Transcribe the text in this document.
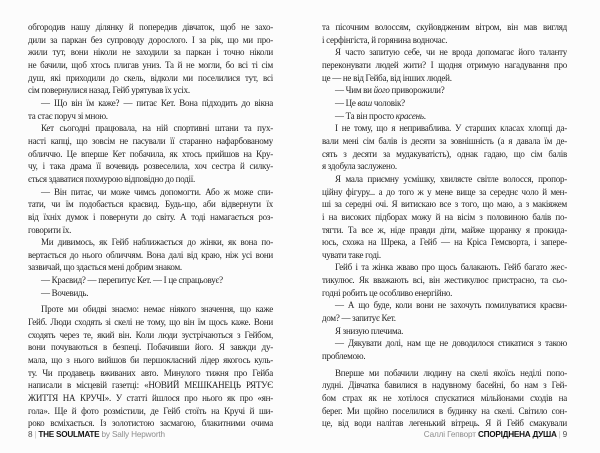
обгородив нашу ділянку й попередив дівчаток, щоб не захо-
дили за паркан без супроводу дорослого. І за рік, що ми про-
жили тут, вони ніколи не заходили за паркан і точно ніколи
не бачили, щоб хтось плигав униз. Та й не могли, бо всі ті сім
душ, які приходили до скель, відколи ми поселилися тут, всі
сім повернулися назад. Гейб урятував їх усіх.
— Що він їм каже? — питає Кет. Вона підходить до вікна
та стає поруч зі мною.
Кет сьогодні працювала, на ній спортивні штани та пух-
насті капці, що зовсім не пасували її старанно нафарбованому
обличчю. Це вперше Кет побачила, як хтось прийшов на Кру-
чу, і така драма її вочевидь розвеселила, хоч сестра й силку-
ється здаватися похмурою відповідно до події.
— Він питає, чи може чимсь допомогти. Або ж може спи-
тати, чи їм подобається краєвид. Будь-що, аби відвернути їх
від їхніх думок і повернути до світу. А тоді намагається роз-
говорити їх.
Ми дивимось, як Гейб наближається до жінки, як вона по-
вертається до нього обличчям. Вона далі від краю, ніж усі вони
зазвичай, що здається мені добрим знаком.
— Краєвид? — перепитує Кет. — І це спрацьовує?
— Вочевидь.
Проте ми обидві знаємо: немає ніякого значення, що каже
Гейб. Люди сходять зі скелі не тому, що він їм щось каже. Вони
сходять через те, який він. Коли люди зустрічаються з Гейбом,
вони почуваються в безпеці. Побачивши його. Я завжди ду-
мала, що з нього вийшов би першокласний лідер якогось куль-
ту. Чи продавець вживаних авто. Минулого тижня про Гейба
написали в місцевій газетці: «НОВИЙ МЕШКАНЕЦЬ РЯТУЄ
ЖИТТЯ НА КРУЧІ». У статті йшлося про нього як про «ян-
гола». Ще й фото розмістили, де Гейб стоїть на Кручі й ши-
роко всміхається. Із золотистою засмагою, блакитними очима
та пісочним волоссям, скуйовдженим вітром, він мав вигляд
і серфінгіста, й горянина водночас.
Я часто запитую себе, чи не врода допомагає його таланту
переконувати людей жити? І щодня отримую нагадування про
це — не від Гейба, від інших людей.
— Чим ви його приворожили?
— Це ваш чоловік?
— Та він просто красень.
І не тому, що я неприваблива. У старших класах хлопці да-
вали мені сім балів із десяти за зовнішність (а я давала їм де-
сять з десяти за мудакуватість), однак гадаю, що сім балів
я здобула заслужено.
Я мала приємну усмішку, хвилясте світле волосся, пропор-
ційну фігуру... а до того ж у мене вище за середнє чоло й мен-
ші за середні очі. Я витискаю все з того, що маю, а з макіяжем
і на високих підборах можу й на вісім з половиною балів по-
тягти. Та все ж, ніде правди діти, майже щоранку я прокида-
юсь, схожа на Шрека, а Гейб — на Кріса Гемсворта, і запере-
чувати таке годі.
Гейб і та жінка жваво про щось балакають. Гейб багато жес-
тикулює. Як вважають всі, він жестикулює пристрасно, та сьо-
годні робить це особливо енергійно.
— А що буде, коли вони не захочуть помилуватися краєви-
дом? — запитує Кет.
Я знизую плечима.
— Дякувати долі, нам ще не доводилося стикатися з такою
проблемою.
Вперше ми побачили людину на скелі якоїсь неділі попо-
лудні. Дівчатка бавилися в надувному басейні, бо нам з Гей-
бом страх як не хотілося спускатися мільйонами сходів на
берег. Ми щойно поселилися в будинку на скелі. Світило сон-
це, від води налітав легенький вітрець. Я й Гейб смакували
8 | THE SOULMATE by Sally Hepworth	Саллі Гепворт СПОРІДНЕНА ДУША | 9
